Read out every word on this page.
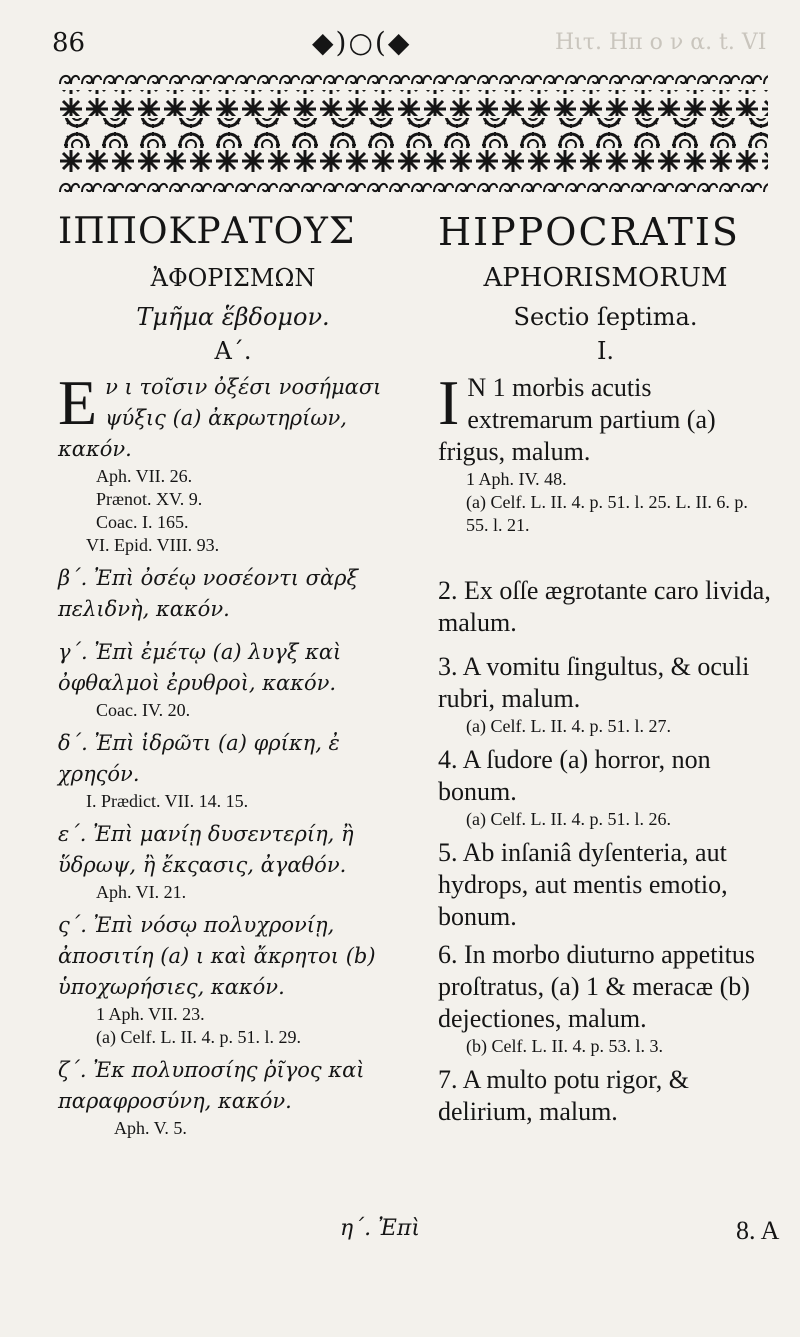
86	◆)○(◆	Ηιτ. Ηπ ο ν α. t. VI
ΙΠΠΟΚΡΑΤΟΥΣ
ἈΦΟΡΙΣΜΩΝ
Τμῆμα ἕβδομον.
Α΄.
Ε ν ι τοῖσιν ὀξέσι νοσήμασι ψύξις (a) ἀκρωτηρίων, κακόν.
Aph. VII. 26.
Prænot. XV. 9.
Coac. I. 165.
VI. Epid. VIII. 93.
β΄. Ἐπὶ ὀσέῳ νοσέοντι σὰρξ πελιδνὴ, κακόν.
γ΄. Ἐπὶ ἐμέτῳ (a) λυγξ καὶ ὀφθαλμοὶ ἐρυθροὶ, κακόν.
Coac. IV. 20.
δ΄. Ἐπὶ ἱδρῶτι (a) φρίκη, ἐ χρηςόν.
I. Prædict. VII. 14. 15.
ε΄. Ἐπὶ μανίῃ δυσεντερίη, ἢ ὕδρωψ, ἢ ἔκςασις, ἀγαθόν.
Aph. VI. 21.
ς΄. Ἐπὶ νόσῳ πολυχρονίῃ, ἀποσιτίη (a) ι καὶ ἄκρητοι (b) ὑποχωρήσιες, κακόν.
1 Aph. VII. 23.
(a) Celf. L. II. 4. p. 51. l. 29.
ζ΄. Ἐκ πολυποσίης ῥῖγος καὶ παραφροσύνη, κακόν.
Aph. V. 5.
HIPPOCRATIS
APHORISMORUM
Sectio ſeptima.
I.
I N 1 morbis acutis extremarum partium (a) frigus, malum.
1 Aph. IV. 48.
(a) Celf. L. II. 4. p. 51. l. 25. L. II. 6. p. 55. l. 21.
2. Ex oſſe ægrotante caro livida, malum.
3. A vomitu ſingultus, & oculi rubri, malum.
(a) Celf. L. II. 4. p. 51. l. 27.
4. A ſudore (a) horror, non bonum.
(a) Celf. L. II. 4. p. 51. l. 26.
5. Ab inſaniâ dyſenteria, aut hydrops, aut mentis emotio, bonum.
6. In morbo diuturno appetitus proſtratus, (a) 1 & meracæ (b) dejectiones, malum.
(b) Celf. L. II. 4. p. 53. l. 3.
7. A multo potu rigor, & delirium, malum.
η΄. Ἐπὶ	8. A
